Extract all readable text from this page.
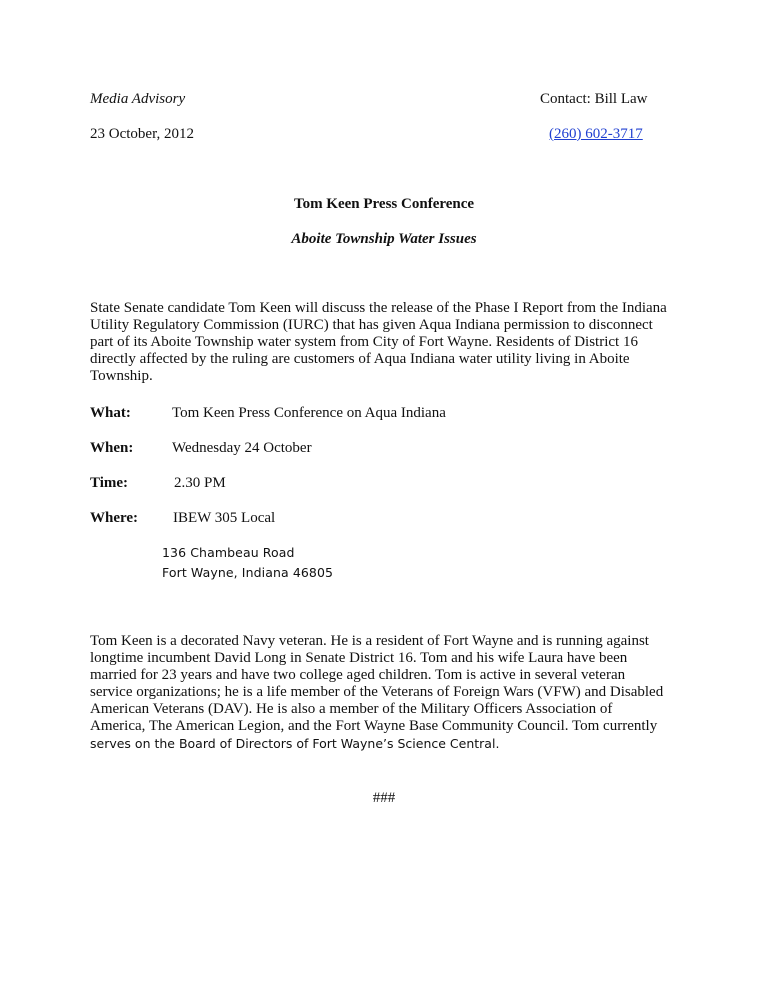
Media Advisory	Contact: Bill Law
23 October, 2012	(260) 602-3717
Tom Keen Press Conference
Aboite Township Water Issues
State Senate candidate Tom Keen will discuss the release of the Phase I Report from the Indiana
Utility Regulatory Commission (IURC) that has given Aqua Indiana permission to disconnect
part of its Aboite Township water system from City of Fort Wayne. Residents of District 16
directly affected by the ruling are customers of Aqua Indiana water utility living in Aboite
Township.
What:	Tom Keen Press Conference on Aqua Indiana
When:	Wednesday 24 October
Time:	2.30 PM
Where: IBEW 305 Local
136 Chambeau Road
Fort Wayne, Indiana 46805
Tom Keen is a decorated Navy veteran. He is a resident of Fort Wayne and is running against
longtime incumbent David Long in Senate District 16. Tom and his wife Laura have been
married for 23 years and have two college aged children. Tom is active in several veteran
service organizations; he is a life member of the Veterans of Foreign Wars (VFW) and Disabled
American Veterans (DAV). He is also a member of the Military Officers Association of
America, The American Legion, and the Fort Wayne Base Community Council. Tom currently
serves on the Board of Directors of Fort Wayne’s Science Central.
###
